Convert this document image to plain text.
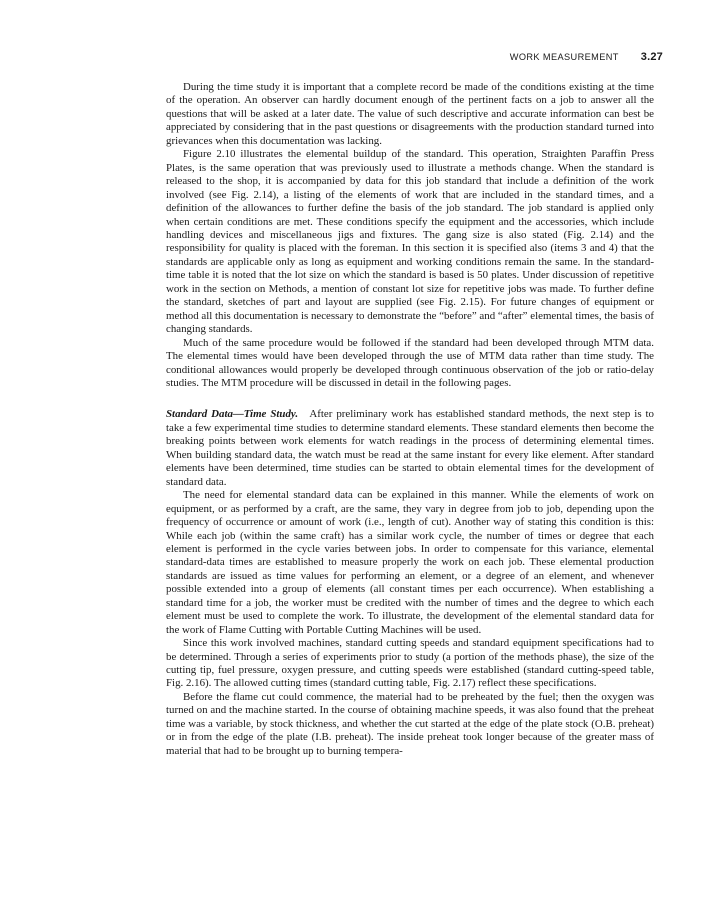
WORK MEASUREMENT 3.27

During the time study it is important that a complete record be made of the conditions existing at the time of the operation. An observer can hardly document enough of the pertinent facts on a job to answer all the questions that will be asked at a later date. The value of such descriptive and accurate information can best be appreciated by considering that in the past questions or disagreements with the production standard turned into grievances when this documentation was lacking.

Figure 2.10 illustrates the elemental buildup of the standard. This operation, Straighten Paraffin Press Plates, is the same operation that was previously used to illustrate a methods change. When the standard is released to the shop, it is accompanied by data for this job standard that include a definition of the work involved (see Fig. 2.14), a listing of the elements of work that are included in the standard times, and a definition of the allowances to further define the basis of the job standard. The job standard is applied only when certain conditions are met. These conditions specify the equipment and the accessories, which include handling devices and miscellaneous jigs and fixtures. The gang size is also stated (Fig. 2.14) and the responsibility for quality is placed with the foreman. In this section it is specified also (items 3 and 4) that the standards are applicable only as long as equipment and working conditions remain the same. In the standard-time table it is noted that the lot size on which the standard is based is 50 plates. Under discussion of repetitive work in the section on Methods, a mention of constant lot size for repetitive jobs was made. To further define the standard, sketches of part and layout are supplied (see Fig. 2.15). For future changes of equipment or method all this documentation is necessary to demonstrate the “before” and “after” elemental times, the basis of changing standards.

Much of the same procedure would be followed if the standard had been developed through MTM data. The elemental times would have been developed through the use of MTM data rather than time study. The conditional allowances would properly be developed through continuous observation of the job or ratio-delay studies. The MTM procedure will be discussed in detail in the following pages.

Standard Data—Time Study. After preliminary work has established standard methods, the next step is to take a few experimental time studies to determine standard elements. These standard elements then become the breaking points between work elements for watch readings in the process of determining elemental times. When building standard data, the watch must be read at the same instant for every like element. After standard elements have been determined, time studies can be started to obtain elemental times for the development of standard data.

The need for elemental standard data can be explained in this manner. While the elements of work on equipment, or as performed by a craft, are the same, they vary in degree from job to job, depending upon the frequency of occurrence or amount of work (i.e., length of cut). Another way of stating this condition is this: While each job (within the same craft) has a similar work cycle, the number of times or degree that each element is performed in the cycle varies between jobs. In order to compensate for this variance, elemental standard-data times are established to measure properly the work on each job. These elemental production standards are issued as time values for performing an element, or a degree of an element, and whenever possible extended into a group of elements (all constant times per each occurrence). When establishing a standard time for a job, the worker must be credited with the number of times and the degree to which each element must be used to complete the work. To illustrate, the development of the elemental standard data for the work of Flame Cutting with Portable Cutting Machines will be used.

Since this work involved machines, standard cutting speeds and standard equipment specifications had to be determined. Through a series of experiments prior to study (a portion of the methods phase), the size of the cutting tip, fuel pressure, oxygen pressure, and cutting speeds were established (standard cutting-speed table, Fig. 2.16). The allowed cutting times (standard cutting table, Fig. 2.17) reflect these specifications.

Before the flame cut could commence, the material had to be preheated by the fuel; then the oxygen was turned on and the machine started. In the course of obtaining machine speeds, it was also found that the preheat time was a variable, by stock thickness, and whether the cut started at the edge of the plate stock (O.B. preheat) or in from the edge of the plate (I.B. preheat). The inside preheat took longer because of the greater mass of material that had to be brought up to burning tempera-
